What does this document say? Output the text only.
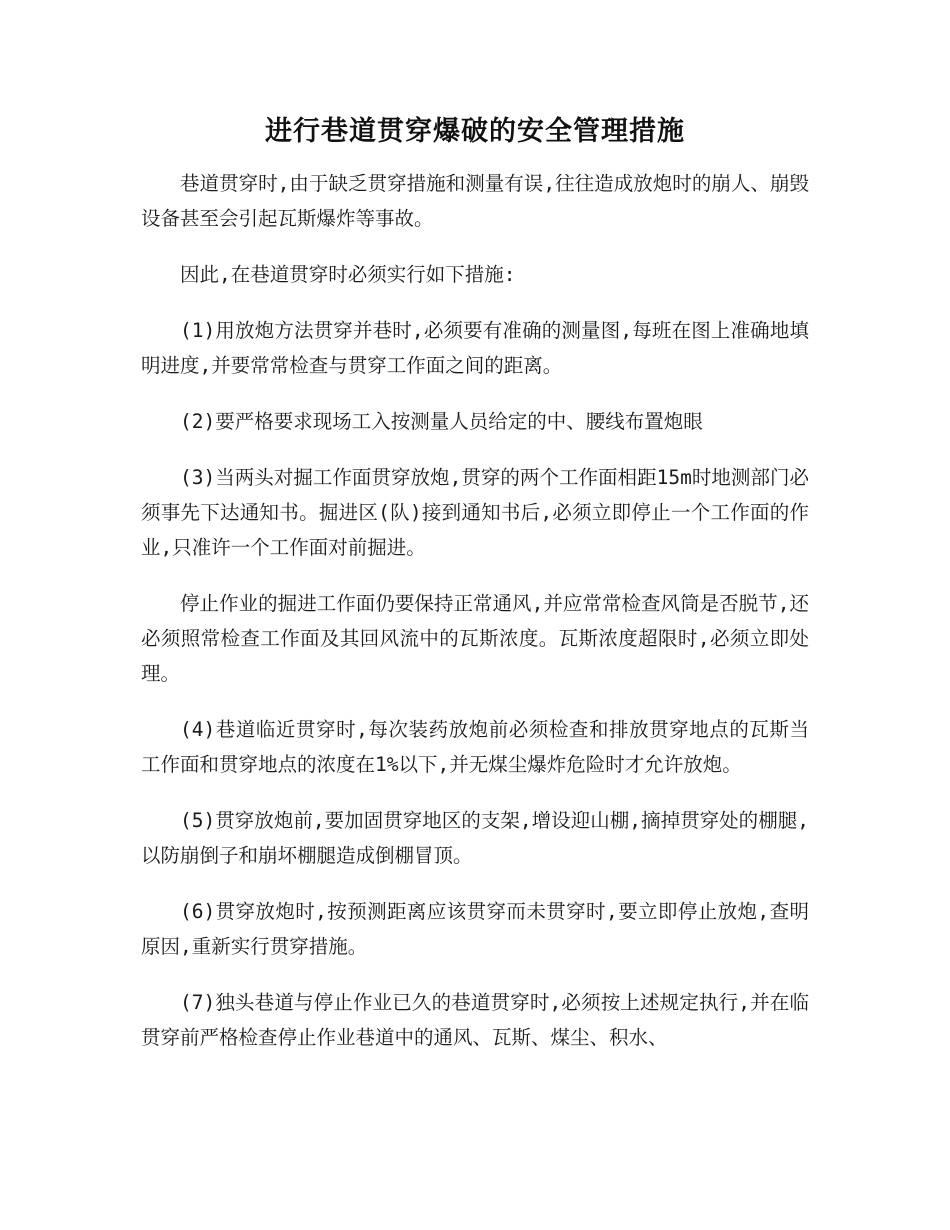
进行巷道贯穿爆破的安全管理措施

巷道贯穿时,由于缺乏贯穿措施和测量有误,往往造成放炮时的崩人、崩毁设备甚至会引起瓦斯爆炸等事故。

因此,在巷道贯穿时必须实行如下措施:

(1)用放炮方法贯穿并巷时,必须要有准确的测量图,每班在图上准确地填明进度,并要常常检查与贯穿工作面之间的距离。

(2)要严格要求现场工入按测量人员给定的中、腰线布置炮眼

(3)当两头对掘工作面贯穿放炮,贯穿的两个工作面相距15m时地测部门必须事先下达通知书。掘进区(队)接到通知书后,必须立即停止一个工作面的作业,只准许一个工作面对前掘进。

停止作业的掘进工作面仍要保持正常通风,并应常常检查风筒是否脱节,还必须照常检查工作面及其回风流中的瓦斯浓度。瓦斯浓度超限时,必须立即处理。

(4)巷道临近贯穿时,每次装药放炮前必须检查和排放贯穿地点的瓦斯当工作面和贯穿地点的浓度在1%以下,并无煤尘爆炸危险时才允许放炮。

(5)贯穿放炮前,要加固贯穿地区的支架,增设迎山棚,摘掉贯穿处的棚腿,以防崩倒子和崩坏棚腿造成倒棚冒顶。

(6)贯穿放炮时,按预测距离应该贯穿而未贯穿时,要立即停止放炮,查明原因,重新实行贯穿措施。

(7)独头巷道与停止作业已久的巷道贯穿时,必须按上述规定执行,并在临贯穿前严格检查停止作业巷道中的通风、瓦斯、煤尘、积水、
